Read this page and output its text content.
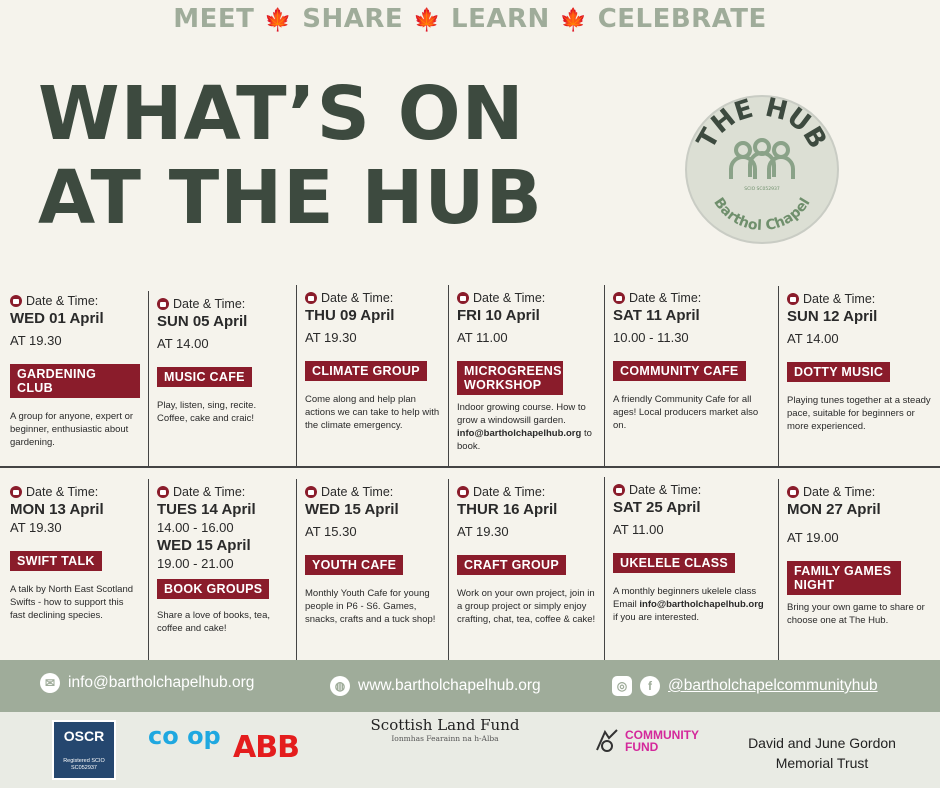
MEET 🍁 SHARE 🍁 LEARN 🍁 CELEBRATE
WHAT’S ON
AT THE HUB
THE HUB
Barthol Chapel
SCIO SC052937
Date & Time:
WED 01 April
AT 19.30
GARDENING CLUB
A group for anyone, expert or beginner, enthusiastic about gardening.
Date & Time:
SUN 05 April
AT 14.00
MUSIC CAFE
Play, listen, sing, recite. Coffee, cake and craic!
Date & Time:
THU 09 April
AT 19.30
CLIMATE GROUP
Come along and help plan actions we can take to help with the climate emergency.
Date & Time:
FRI 10 April
AT 11.00
MICROGREENS WORKSHOP
Indoor growing course. How to grow a windowsill garden. info@bartholchapelhub.org to book.
Date & Time:
SAT 11 April
10.00 - 11.30
COMMUNITY CAFE
A friendly Community Cafe for all ages! Local producers market also on.
Date & Time:
SUN 12 April
AT 14.00
DOTTY MUSIC
Playing tunes together at a steady pace, suitable for beginners or more experienced.
Date & Time:
MON 13 April
AT 19.30
SWIFT TALK
A talk by North East Scotland Swifts - how to support this fast declining species.
Date & Time:
TUES 14 April
14.00 - 16.00
WED 15 April
19.00 - 21.00
BOOK GROUPS
Share a love of books, tea, coffee and cake!
Date & Time:
WED 15 April
AT 15.30
YOUTH CAFE
Monthly Youth Cafe for young people in P6 - S6. Games, snacks, crafts and a tuck shop!
Date & Time:
THUR 16 April
AT 19.30
CRAFT GROUP
Work on your own project, join in a group project or simply enjoy crafting, chat, tea, coffee & cake!
Date & Time:
SAT 25 April
AT 11.00
UKELELE CLASS
A monthly beginners ukelele class Email info@bartholchapelhub.org if you are interested.
Date & Time:
MON 27 April
AT 19.00
FAMILY GAMES NIGHT
Bring your own game to share or choose one at The Hub.
✉ info@bartholchapelhub.org	◍ www.bartholchapelhub.org	◎	f	@bartholchapelcommunityhub
OSCR
Registered SCIO SC052937
co op ABB
Scottish Land Fund
Ionmhas Fearainn na h-Alba	COMMUNITY FUND	David and June Gordon Memorial Trust
